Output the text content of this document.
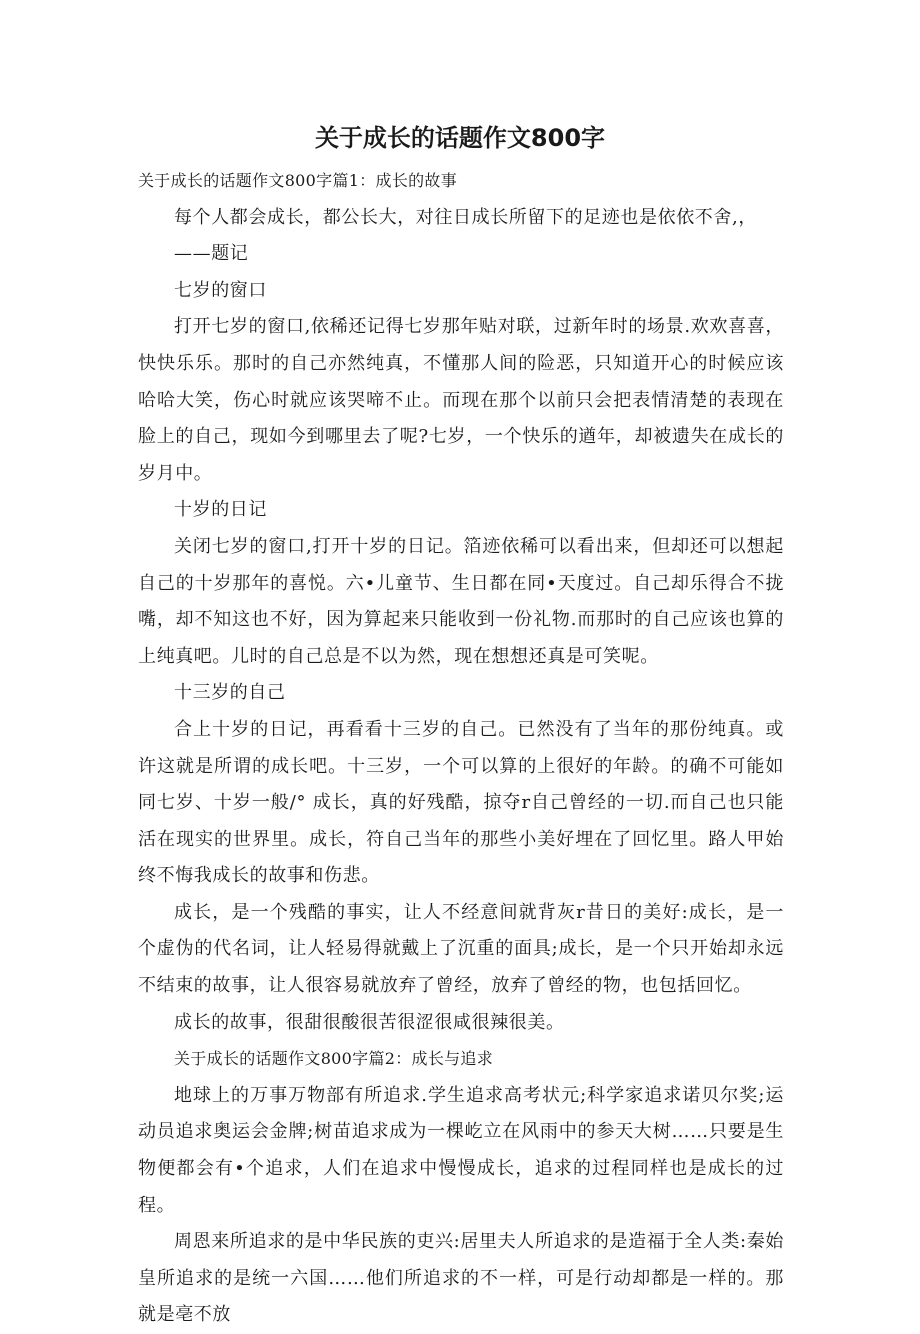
关于成长的话题作文800字
关于成长的话题作文800字篇1：成长的故事
每个人都会成长，都公长大，对往日成长所留下的足迹也是依依不舍,，
——题记
七岁的窗口
打开七岁的窗口,依稀还记得七岁那年贴对联，过新年时的场景.欢欢喜喜，快快乐乐。那时的自己亦然纯真，不懂那人间的险恶，只知道开心的时候应该哈哈大笑，伤心时就应该哭啼不止。而现在那个以前只会把表情清楚的表现在脸上的自己，现如今到哪里去了呢?七岁，一个快乐的遒年，却被遗失在成长的岁月中。
十岁的日记
关闭七岁的窗口,打开十岁的日记。箔迹依稀可以看出来，但却还可以想起自己的十岁那年的喜悦。六•儿童节、生日都在同•天度过。自己却乐得合不拢嘴，却不知这也不好，因为算起来只能收到一份礼物.而那时的自己应该也算的上纯真吧。儿时的自己总是不以为然，现在想想还真是可笑呢。
十三岁的自己
合上十岁的日记，再看看十三岁的自己。已然没有了当年的那份纯真。或许这就是所谓的成长吧。十三岁，一个可以算的上很好的年龄。的确不可能如同七岁、十岁一般/° 成长，真的好残酷，掠夺r自己曾经的一切.而自己也只能活在现实的世界里。成长，符自己当年的那些小美好埋在了回忆里。路人甲始终不悔我成长的故事和伤悲。
成长，是一个残酷的事实，让人不经意间就背灰r昔日的美好:成长，是一个虚伪的代名词，让人轻易得就戴上了沉重的面具;成长，是一个只开始却永远不结束的故事，让人很容易就放弃了曾经，放弃了曾经的物，也包括回忆。
成长的故事，很甜很酸很苦很涩很咸很辣很美。
关于成长的话题作文800字篇2：成长与追求
地球上的万事万物部有所追求.学生追求高考状元;科学家追求诺贝尔奖;运动员追求奥运会金牌;树苗追求成为一棵屹立在风雨中的参天大树……只要是生物便都会有•个追求，人们在追求中慢慢成长，追求的过程同样也是成长的过程。
周恩来所追求的是中华民族的吏兴:居里夫人所追求的是造福于全人类:秦始皇所追求的是统一六国……他们所追求的不一样，可是行动却都是一样的。那就是亳不放
